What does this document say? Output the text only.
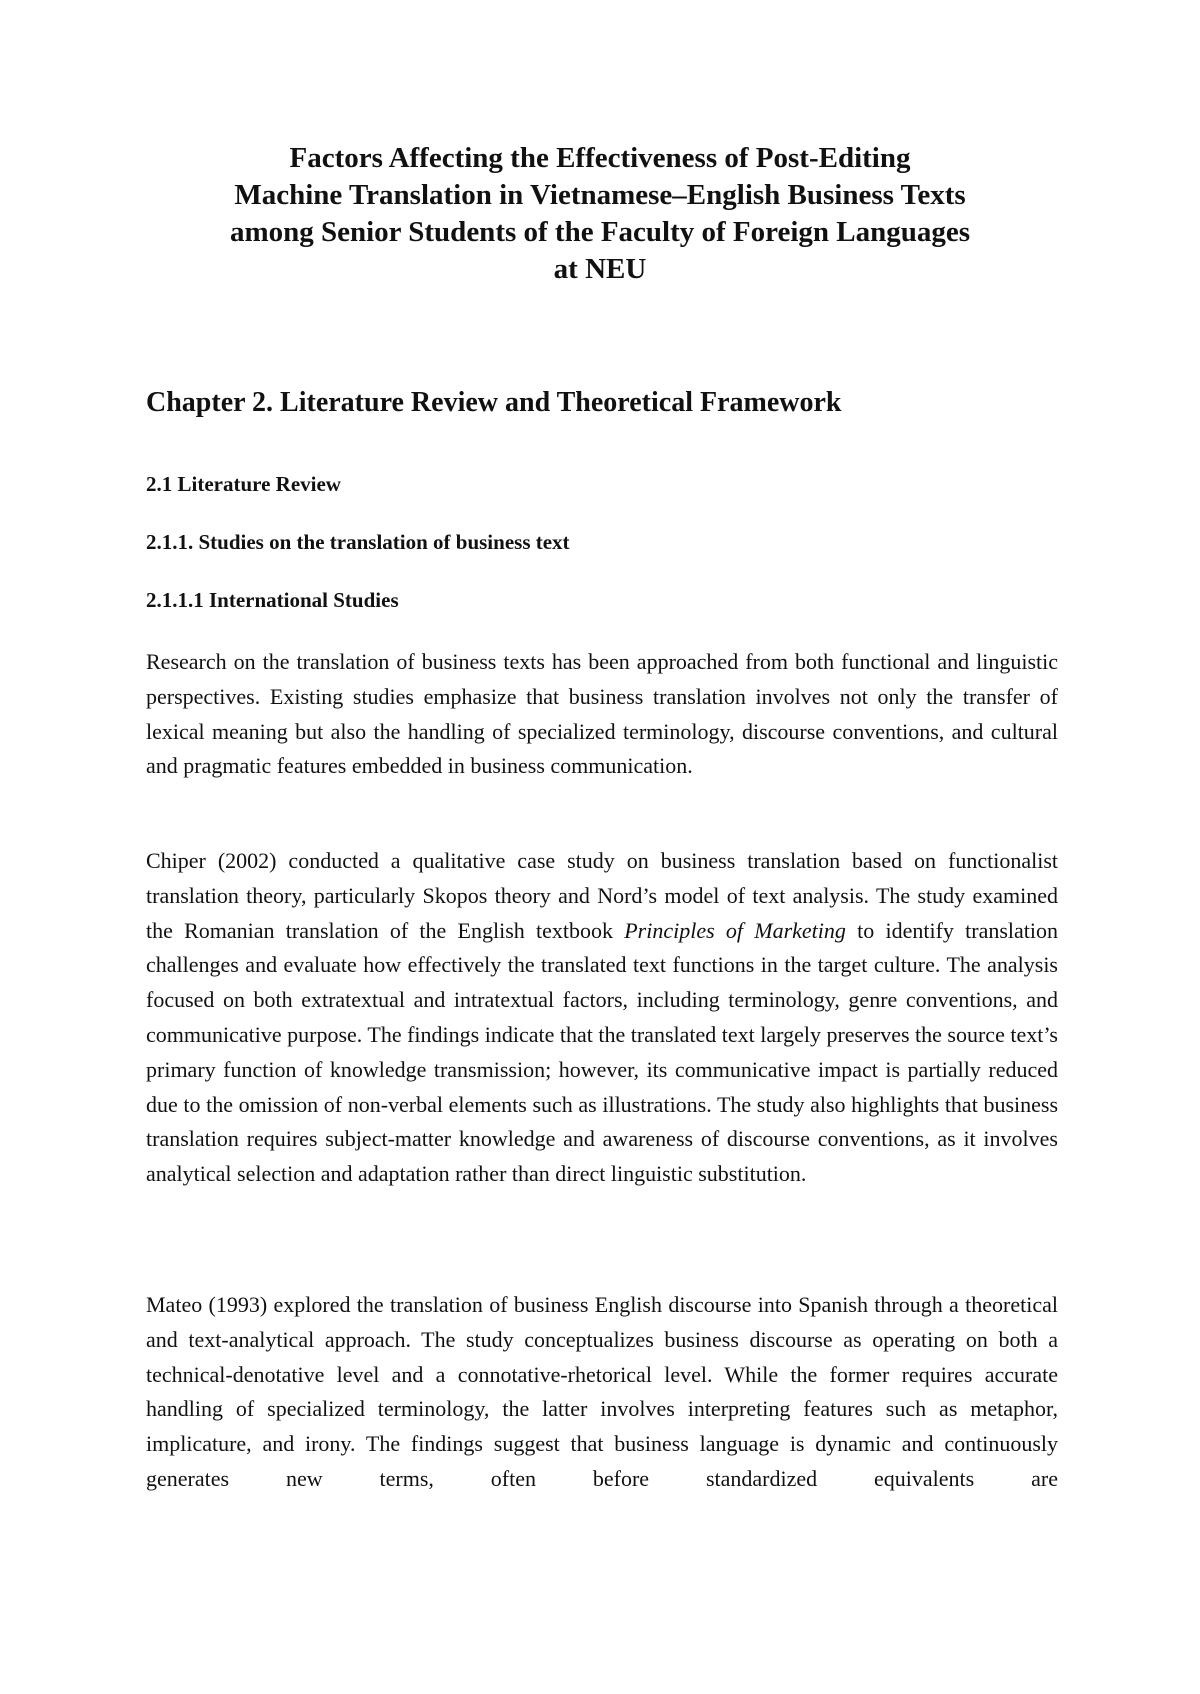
Factors Affecting the Effectiveness of Post-Editing
Machine Translation in Vietnamese–English Business Texts
among Senior Students of the Faculty of Foreign Languages
at NEU
Chapter 2. Literature Review and Theoretical Framework
2.1 Literature Review
2.1.1. Studies on the translation of business text
2.1.1.1 International Studies

Research on the translation of business texts has been approached from both functional and linguistic perspectives. Existing studies emphasize that business translation involves not only the transfer of lexical meaning but also the handling of specialized terminology, discourse conventions, and cultural and pragmatic features embedded in business communication.

Chiper (2002) conducted a qualitative case study on business translation based on functionalist translation theory, particularly Skopos theory and Nord’s model of text analysis. The study examined the Romanian translation of the English textbook Principles of Marketing to identify translation challenges and evaluate how effectively the translated text functions in the target culture. The analysis focused on both extratextual and intratextual factors, including terminology, genre conventions, and communicative purpose. The findings indicate that the translated text largely preserves the source text’s primary function of knowledge transmission; however, its communicative impact is partially reduced due to the omission of non-verbal elements such as illustrations. The study also highlights that business translation requires subject-matter knowledge and awareness of discourse conventions, as it involves analytical selection and adaptation rather than direct linguistic substitution.

Mateo (1993) explored the translation of business English discourse into Spanish through a theoretical and text-analytical approach. The study conceptualizes business discourse as operating on both a technical-denotative level and a connotative-rhetorical level. While the former requires accurate handling of specialized terminology, the latter involves interpreting features such as metaphor, implicature, and irony. The findings suggest that business language is dynamic and continuously generates new terms, often before standardized equivalents are
